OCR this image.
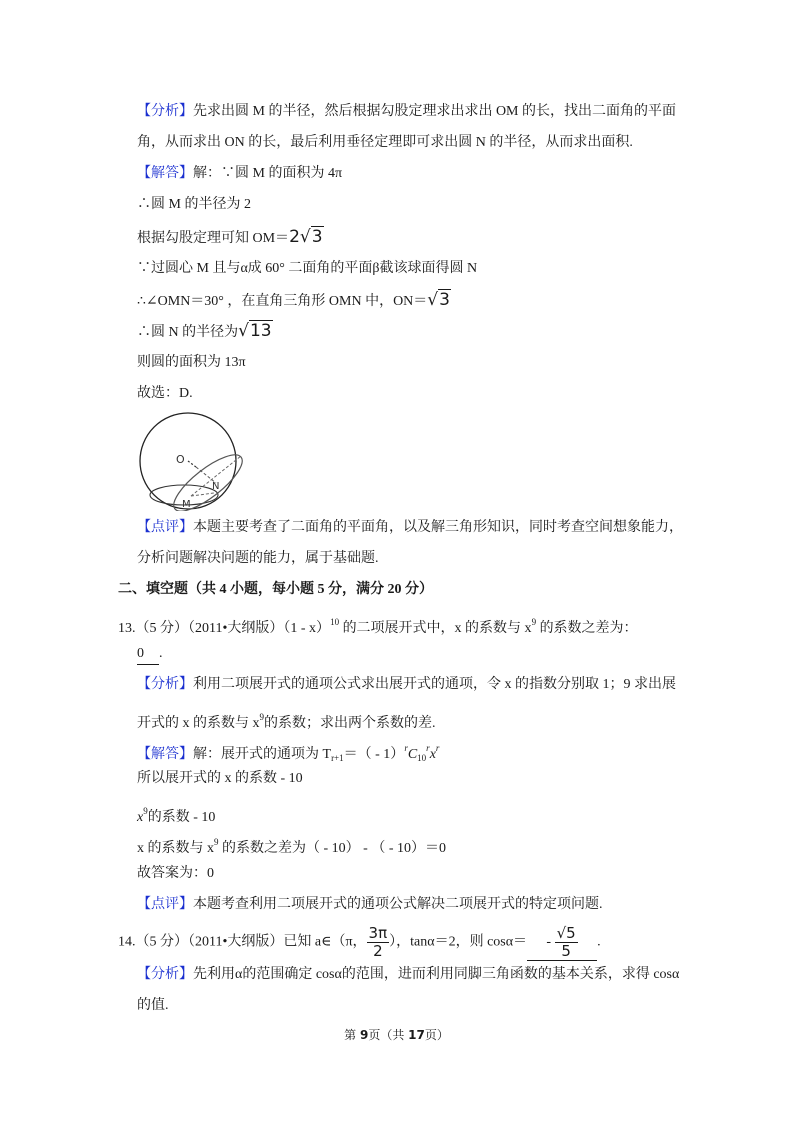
【分析】先求出圆 M 的半径，然后根据勾股定理求出求出 OM 的长，找出二面角的平面
角，从而求出 ON 的长，最后利用垂径定理即可求出圆 N 的半径，从而求出面积.
【解答】解：∵圆 M 的面积为 4π
∴圆 M 的半径为 2
根据勾股定理可知 OM＝2√3
∵过圆心 M 且与α成 60° 二面角的平面β截该球面得圆 N
∴∠OMN＝30° ，在直角三角形 OMN 中，ON＝√3
∴圆 N 的半径为√13
则圆的面积为 13π
故选：D.
O
N
M
【点评】本题主要考查了二面角的平面角，以及解三角形知识，同时考查空间想象能力，
分析问题解决问题的能力，属于基础题.
二、填空题（共 4 小题，每小题 5 分，满分 20 分）
13.（5 分）（2011•大纲版）（1 - x）$^{10}$ 的二项展开式中，x 的系数与 $x^9$ 的系数之差为：
0 .
【分析】利用二项展开式的通项公式求出展开式的通项，令 x 的指数分别取 1；9 求出展
开式的 x 的系数与 $x^9$的系数；求出两个系数的差.
【解答】解：展开式的通项为 $T_{r+1}=( - 1)^rC_{10}^rx^r$
所以展开式的 x 的系数 - 10
$x^9$的系数 - 10
x 的系数与 $x^9$ 的系数之差为（ - 10） - （ - 10）＝0
故答案为：0
【点评】本题考查利用二项展开式的通项公式解决二项展开式的特定项问题.
14.（5 分）（2011•大纲版）已知 a∈（π， $\frac{3\pi}{2}$ ），tanα＝2，则 $\cos\alpha= - \frac{√5}{5}$ .
【分析】先利用α的范围确定 cosα的范围，进而利用同脚三角函数的基本关系，求得 cosα
的值.
第 9页（共 17页）
